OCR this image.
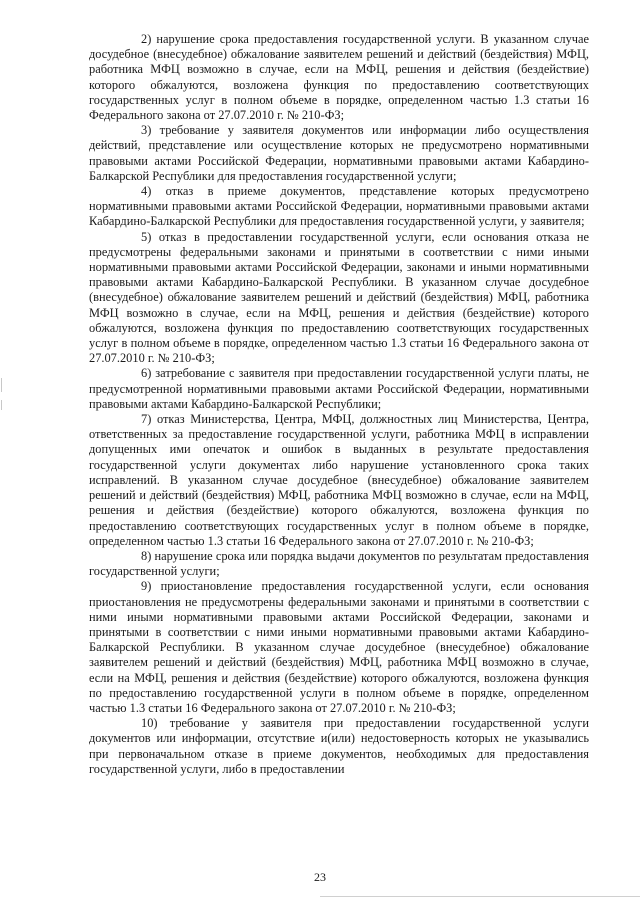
2) нарушение срока предоставления государственной услуги. В указанном случае досудебное (внесудебное) обжалование заявителем решений и действий (бездействия) МФЦ, работника МФЦ возможно в случае, если на МФЦ, решения и действия (бездействие) которого обжалуются, возложена функция по предоставлению соответствующих государственных услуг в полном объеме в порядке, определенном частью 1.3 статьи 16 Федерального закона от 27.07.2010 г. № 210-ФЗ;

3) требование у заявителя документов или информации либо осуществления действий, представление или осуществление которых не предусмотрено нормативными правовыми актами Российской Федерации, нормативными правовыми актами Кабардино-Балкарской Республики для предоставления государственной услуги;

4) отказ в приеме документов, представление которых предусмотрено нормативными правовыми актами Российской Федерации, нормативными правовыми актами Кабардино-Балкарской Республики для предоставления государственной услуги, у заявителя;

5) отказ в предоставлении государственной услуги, если основания отказа не предусмотрены федеральными законами и принятыми в соответствии с ними иными нормативными правовыми актами Российской Федерации, законами и иными нормативными правовыми актами Кабардино-Балкарской Республики. В указанном случае досудебное (внесудебное) обжалование заявителем решений и действий (бездействия) МФЦ, работника МФЦ возможно в случае, если на МФЦ, решения и действия (бездействие) которого обжалуются, возложена функция по предоставлению соответствующих государственных услуг в полном объеме в порядке, определенном частью 1.3 статьи 16 Федерального закона от 27.07.2010 г. № 210-ФЗ;

6) затребование с заявителя при предоставлении государственной услуги платы, не предусмотренной нормативными правовыми актами Российской Федерации, нормативными правовыми актами Кабардино-Балкарской Республики;

7) отказ Министерства, Центра, МФЦ, должностных лиц Министерства, Центра, ответственных за предоставление государственной услуги, работника МФЦ в исправлении допущенных ими опечаток и ошибок в выданных в результате предоставления государственной услуги документах либо нарушение установленного срока таких исправлений. В указанном случае досудебное (внесудебное) обжалование заявителем решений и действий (бездействия) МФЦ, работника МФЦ возможно в случае, если на МФЦ, решения и действия (бездействие) которого обжалуются, возложена функция по предоставлению соответствующих государственных услуг в полном объеме в порядке, определенном частью 1.3 статьи 16 Федерального закона от 27.07.2010 г. № 210-ФЗ;

8) нарушение срока или порядка выдачи документов по результатам предоставления государственной услуги;

9) приостановление предоставления государственной услуги, если основания приостановления не предусмотрены федеральными законами и принятыми в соответствии с ними иными нормативными правовыми актами Российской Федерации, законами и принятыми в соответствии с ними иными нормативными правовыми актами Кабардино-Балкарской Республики. В указанном случае досудебное (внесудебное) обжалование заявителем решений и действий (бездействия) МФЦ, работника МФЦ возможно в случае, если на МФЦ, решения и действия (бездействие) которого обжалуются, возложена функция по предоставлению государственной услуги в полном объеме в порядке, определенном частью 1.3 статьи 16 Федерального закона от 27.07.2010 г. № 210-ФЗ;

10) требование у заявителя при предоставлении государственной услуги документов или информации, отсутствие и(или) недостоверность которых не указывались при первоначальном отказе в приеме документов, необходимых для предоставления государственной услуги, либо в предоставлении

23
